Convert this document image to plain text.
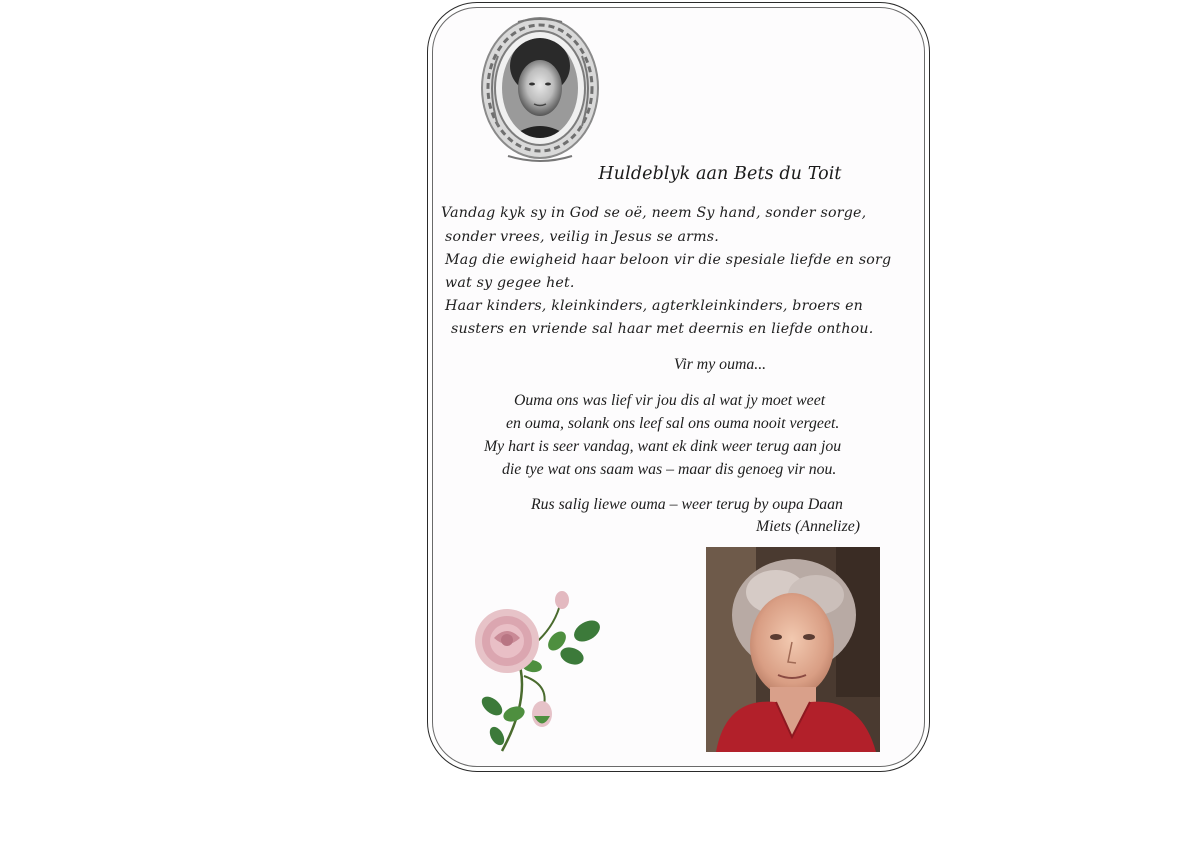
Huldeblyk aan Bets du Toit
Vandag kyk sy in God se oë, neem Sy hand, sonder sorge,
sonder vrees, veilig in Jesus se arms.
Mag die ewigheid haar beloon vir die spesiale liefde en sorg
wat sy gegee het.
Haar kinders, kleinkinders, agterkleinkinders, broers en
susters en vriende sal haar met deernis en liefde onthou.
Vir my ouma...
Ouma ons was lief vir jou dis al wat jy moet weet
en ouma, solank ons leef sal ons ouma nooit vergeet.
My hart is seer vandag, want ek dink weer terug aan jou
die tye wat ons saam was – maar dis genoeg vir nou.
Rus salig liewe ouma – weer terug by oupa Daan
Miets (Annelize)
